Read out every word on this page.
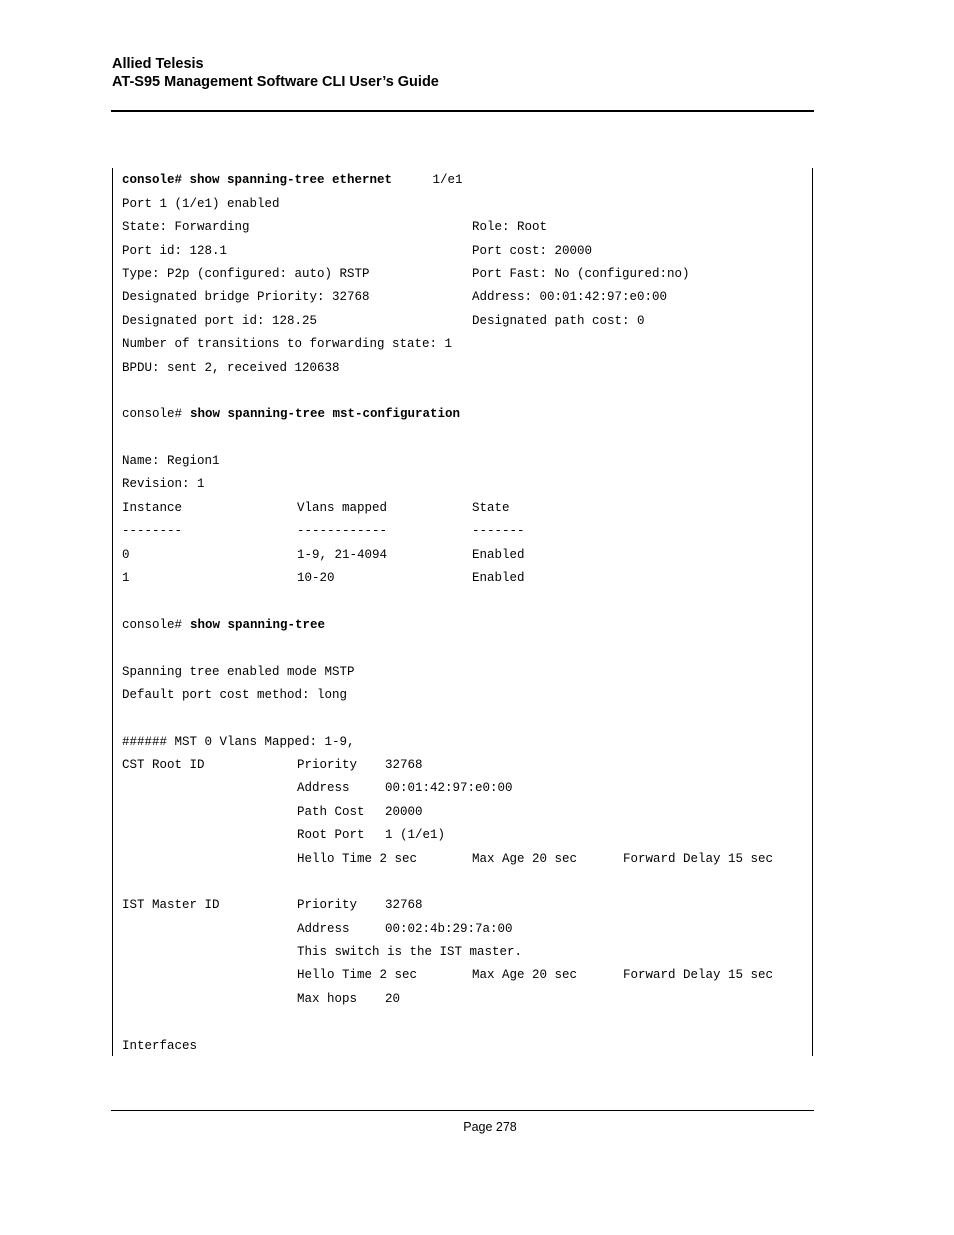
Allied Telesis
AT-S95 Management Software CLI User’s Guide
console# show spanning-tree ethernet	1/e1
Port 1 (1/e1) enabled
State: Forwarding	Role: Root
Port id: 128.1	Port cost: 20000
Type: P2p (configured: auto) RSTP	Port Fast: No (configured:no)
Designated bridge Priority: 32768	Address: 00:01:42:97:e0:00
Designated port id: 128.25	Designated path cost: 0
Number of transitions to forwarding state: 1
BPDU: sent 2, received 120638
console# show spanning-tree mst-configuration
Name: Region1
Revision: 1
Instance	Vlans mapped	State
--------	------------	-------
0	1-9, 21-4094	Enabled
1	10-20	Enabled
console# show spanning-tree
Spanning tree enabled mode MSTP
Default port cost method: long
###### MST 0 Vlans Mapped: 1-9,
CST Root ID	Priority 32768
Address	00:01:42:97:e0:00
Path Cost 20000
Root Port 1 (1/e1)
Hello Time 2 sec	Max Age 20 sec	Forward Delay 15 sec
IST Master ID	Priority 32768
Address	00:02:4b:29:7a:00
This switch is the IST master.
Hello Time 2 sec	Max Age 20 sec	Forward Delay 15 sec
Max hops 20
Interfaces
Page 278
